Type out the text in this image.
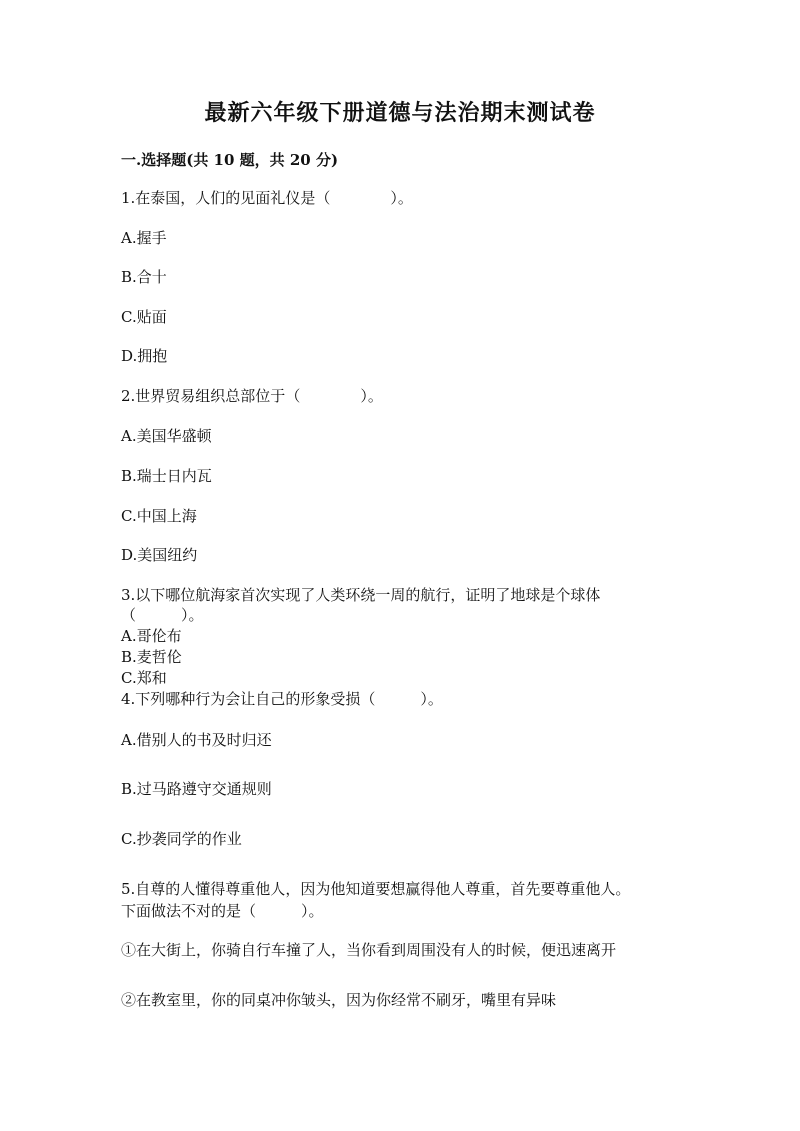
最新六年级下册道德与法治期末测试卷
一.选择题(共 10 题，共 20 分)
1.在泰国，人们的见面礼仪是（　　　　）。
A.握手
B.合十
C.贴面
D.拥抱
2.世界贸易组织总部位于（　　　　）。
A.美国华盛顿
B.瑞士日内瓦
C.中国上海
D.美国纽约
3.以下哪位航海家首次实现了人类环绕一周的航行，证明了地球是个球体
（　　　）。
A.哥伦布
B.麦哲伦
C.郑和
4.下列哪种行为会让自己的形象受损（　　　）。
A.借别人的书及时归还
B.过马路遵守交通规则
C.抄袭同学的作业
5.自尊的人懂得尊重他人，因为他知道要想赢得他人尊重，首先要尊重他人。
下面做法不对的是（　　　）。
①在大街上，你骑自行车撞了人，当你看到周围没有人的时候，便迅速离开
②在教室里，你的同桌冲你皱头，因为你经常不刷牙，嘴里有异味
